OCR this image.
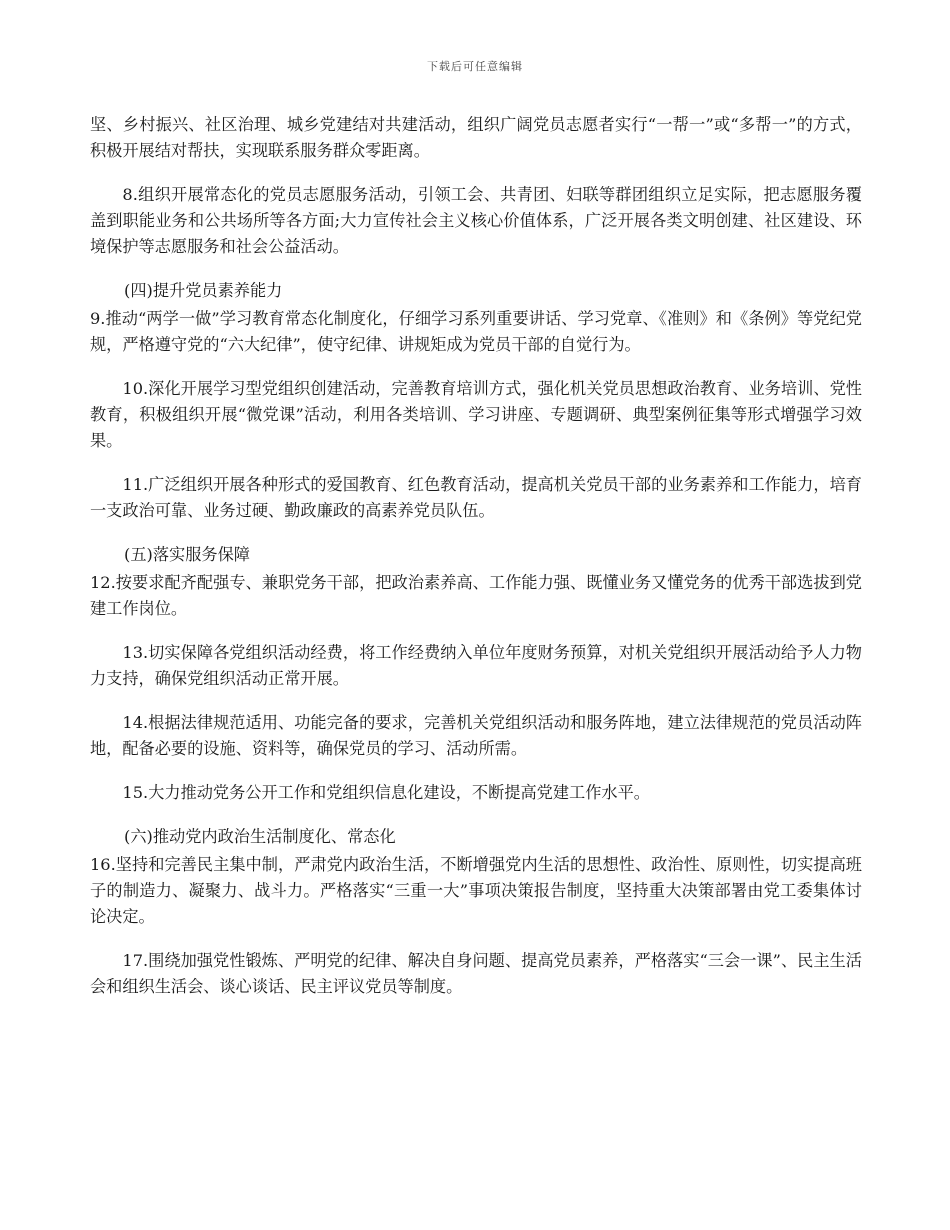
下载后可任意编辑

坚、乡村振兴、社区治理、城乡党建结对共建活动，组织广阔党员志愿者实行“一帮一”或“多帮一”的方式，积极开展结对帮扶，实现联系服务群众零距离。

8.组织开展常态化的党员志愿服务活动，引领工会、共青团、妇联等群团组织立足实际，把志愿服务覆盖到职能业务和公共场所等各方面;大力宣传社会主义核心价值体系，广泛开展各类文明创建、社区建设、环境保护等志愿服务和社会公益活动。

(四)提升党员素养能力

9.推动“两学一做”学习教育常态化制度化，仔细学习系列重要讲话、学习党章、《准则》和《条例》等党纪党规，严格遵守党的“六大纪律”，使守纪律、讲规矩成为党员干部的自觉行为。

10.深化开展学习型党组织创建活动，完善教育培训方式，强化机关党员思想政治教育、业务培训、党性教育，积极组织开展“微党课”活动，利用各类培训、学习讲座、专题调研、典型案例征集等形式增强学习效果。

11.广泛组织开展各种形式的爱国教育、红色教育活动，提高机关党员干部的业务素养和工作能力，培育一支政治可靠、业务过硬、勤政廉政的高素养党员队伍。

(五)落实服务保障

12.按要求配齐配强专、兼职党务干部，把政治素养高、工作能力强、既懂业务又懂党务的优秀干部选拔到党建工作岗位。

13.切实保障各党组织活动经费，将工作经费纳入单位年度财务预算，对机关党组织开展活动给予人力物力支持，确保党组织活动正常开展。

14.根据法律规范适用、功能完备的要求，完善机关党组织活动和服务阵地，建立法律规范的党员活动阵地，配备必要的设施、资料等，确保党员的学习、活动所需。

15.大力推动党务公开工作和党组织信息化建设，不断提高党建工作水平。

(六)推动党内政治生活制度化、常态化

16.坚持和完善民主集中制，严肃党内政治生活，不断增强党内生活的思想性、政治性、原则性，切实提高班子的制造力、凝聚力、战斗力。严格落实“三重一大”事项决策报告制度，坚持重大决策部署由党工委集体讨论决定。

17.围绕加强党性锻炼、严明党的纪律、解决自身问题、提高党员素养，严格落实“三会一课”、民主生活会和组织生活会、谈心谈话、民主评议党员等制度。
